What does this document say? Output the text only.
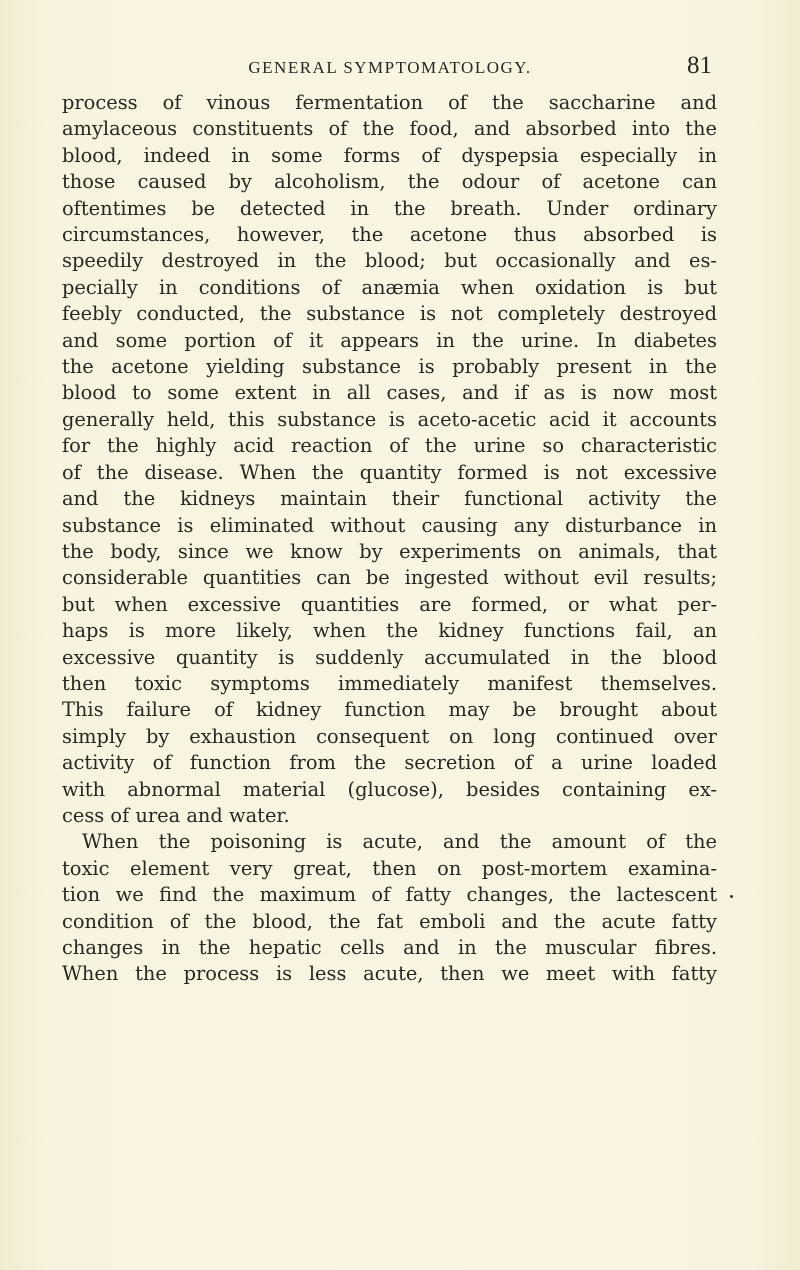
GENERAL SYMPTOMATOLOGY.	81
process of vinous fermentation of the saccharine and
amylaceous constituents of the food, and absorbed into the
blood, indeed in some forms of dyspepsia especially in
those caused by alcoholism, the odour of acetone can
oftentimes be detected in the breath. Under ordinary
circumstances, however, the acetone thus absorbed is
speedily destroyed in the blood; but occasionally and es-
pecially in conditions of anæmia when oxidation is but
feebly conducted, the substance is not completely destroyed
and some portion of it appears in the urine. In diabetes
the acetone yielding substance is probably present in the
blood to some extent in all cases, and if as is now most
generally held, this substance is aceto-acetic acid it accounts
for the highly acid reaction of the urine so characteristic
of the disease. When the quantity formed is not excessive
and the kidneys maintain their functional activity the
substance is eliminated without causing any disturbance in
the body, since we know by experiments on animals, that
considerable quantities can be ingested without evil results;
but when excessive quantities are formed, or what per-
haps is more likely, when the kidney functions fail, an
excessive quantity is suddenly accumulated in the blood
then toxic symptoms immediately manifest themselves.
This failure of kidney function may be brought about
simply by exhaustion consequent on long continued over
activity of function from the secretion of a urine loaded
with abnormal material (glucose), besides containing ex-
cess of urea and water.
When the poisoning is acute, and the amount of the
toxic element very great, then on post-mortem examina-
tion we find the maximum of fatty changes, the lactescent
condition of the blood, the fat emboli and the acute fatty
changes in the hepatic cells and in the muscular fibres.
When the process is less acute, then we meet with fatty
